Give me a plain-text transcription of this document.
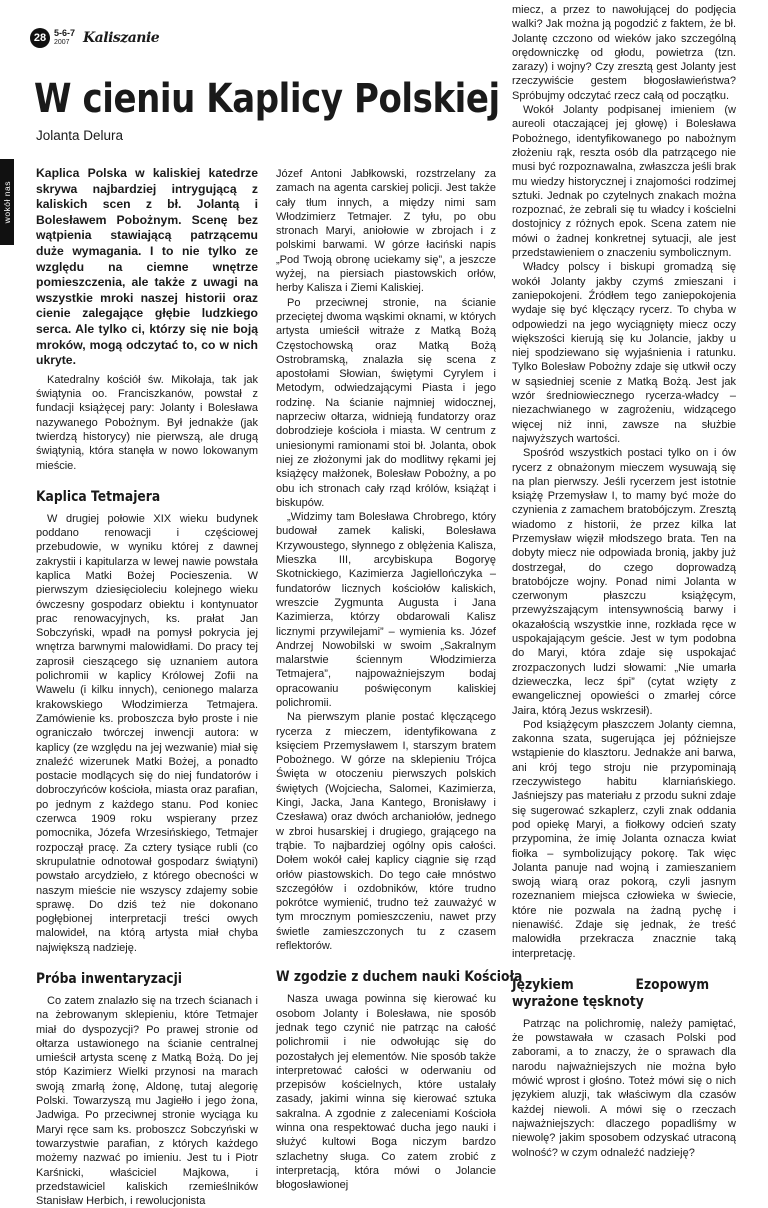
28 5-6-7
2007 Kaliszanie
wokół nas
W cieniu Kaplicy Polskiej
Jolanta Delura

Kaplica Polska w kaliskiej katedrze skrywa najbardziej intrygującą z kaliskich scen z bł. Jolantą i Bolesławem Pobożnym. Scenę bez wątpienia stawiającą patrzącemu duże wymagania. I to nie tylko ze względu na ciemne wnętrze pomieszczenia, ale także z uwagi na wszystkie mroki naszej historii oraz cienie zalegające głębie ludzkiego serca. Ale tylko ci, którzy się nie boją mroków, mogą odczytać to, co w nich ukryte.

Katedralny kościół św. Mikołaja, tak jak świątynia oo. Franciszkanów, powstał z fundacji książęcej pary: Jolanty i Bolesława nazywanego Pobożnym. Był jednakże (jak twierdzą historycy) nie pierwszą, ale drugą świątynią, która stanęła w nowo lokowanym mieście.

Kaplica Tetmajera

W drugiej połowie XIX wieku budynek poddano renowacji i częściowej przebudowie, w wyniku której z dawnej zakrystii i kapitularza w lewej nawie powstała kaplica Matki Bożej Pocieszenia. W pierwszym dziesięcioleciu kolejnego wieku ówczesny gospodarz obiektu i kontynuator prac renowacyjnych, ks. prałat Jan Sobczyński, wpadł na pomysł pokrycia jej wnętrza barwnymi malowidłami. Do pracy tej zaprosił cieszącego się uznaniem autora polichromii w kaplicy Królowej Zofii na Wawelu (i kilku innych), cenionego malarza krakowskiego Włodzimierza Tetmajera. Zamówienie ks. proboszcza było proste i nie ograniczało twórczej inwencji autora: w kaplicy (ze względu na jej wezwanie) miał się znaleźć wizerunek Matki Bożej, a ponadto postacie modlących się do niej fundatorów i dobroczyńców kościoła, miasta oraz parafian, po jednym z każdego stanu. Pod koniec czerwca 1909 roku wspierany przez pomocnika, Józefa Wrzesińskiego, Tetmajer rozpoczął pracę. Za cztery tysiące rubli (co skrupulatnie odnotował gospodarz świątyni) powstało arcydzieło, z którego obecności w naszym mieście nie wszyscy zdajemy sobie sprawę. Do dziś też nie dokonano pogłębionej interpretacji treści owych malowideł, na którą artysta miał chyba największą nadzieję.

Próba inwentaryzacji

Co zatem znalazło się na trzech ścianach i na żebrowanym sklepieniu, które Tetmajer miał do dyspozycji? Po prawej stronie od ołtarza ustawionego na ścianie centralnej umieścił artysta scenę z Matką Bożą. Do jej stóp Kazimierz Wielki przynosi na marach swoją zmarłą żonę, Aldonę, tutaj alegorię Polski. Towarzyszą mu Jagiełło i jego żona, Jadwiga. Po przeciwnej stronie wyciąga ku Maryi ręce sam ks. proboszcz Sobczyński w towarzystwie parafian, z których każdego możemy nazwać po imieniu. Jest tu i Piotr Karśnicki, właściciel Majkowa, i przedstawiciel kaliskich rzemieślników Stanisław Herbich, i rewolucjonista

Józef Antoni Jabłkowski, rozstrzelany za zamach na agenta carskiej policji. Jest także cały tłum innych, a między nimi sam Włodzimierz Tetmajer. Z tyłu, po obu stronach Maryi, aniołowie w zbrojach i z polskimi barwami. W górze łaciński napis „Pod Twoją obronę uciekamy się”, a jeszcze wyżej, na piersiach piastowskich orłów, herby Kalisza i Ziemi Kaliskiej.

Po przeciwnej stronie, na ścianie przeciętej dwoma wąskimi oknami, w których artysta umieścił witraże z Matką Bożą Częstochowską oraz Matką Bożą Ostrobramską, znalazła się scena z apostołami Słowian, świętymi Cyrylem i Metodym, odwiedzającymi Piasta i jego rodzinę. Na ścianie najmniej widocznej, naprzeciw ołtarza, widnieją fundatorzy oraz dobrodzieje kościoła i miasta. W centrum z uniesionymi ramionami stoi bł. Jolanta, obok niej ze złożonymi jak do modlitwy rękami jej książęcy małżonek, Bolesław Pobożny, a po obu ich stronach cały rząd królów, książąt i biskupów.

„Widzimy tam Bolesława Chrobrego, który budował zamek kaliski, Bolesława Krzywoustego, słynnego z oblężenia Kalisza, Mieszka III, arcybiskupa Bogoryę Skotnickiego, Kazimierza Jagiellończyka – fundatorów licznych kościołów kaliskich, wreszcie Zygmunta Augusta i Jana Kazimierza, którzy obdarowali Kalisz licznymi przywilejami” – wymienia ks. Józef Andrzej Nowobilski w swoim „Sakralnym malarstwie ściennym Włodzimierza Tetmajera”, najpoważniejszym bodaj opracowaniu poświęconym kaliskiej polichromii.

Na pierwszym planie postać klęczącego rycerza z mieczem, identyfikowana z księciem Przemysławem I, starszym bratem Pobożnego. W górze na sklepieniu Trójca Święta w otoczeniu pierwszych polskich świętych (Wojciecha, Salomei, Kazimierza, Kingi, Jacka, Jana Kantego, Bronisławy i Czesława) oraz dwóch archaniołów, jednego w zbroi husarskiej i drugiego, grającego na trąbie. To najbardziej ogólny opis całości. Dołem wokół całej kaplicy ciągnie się rząd orłów piastowskich. Do tego całe mnóstwo szczegółów i ozdobników, które trudno pokrótce wymienić, trudno też zauważyć w tym mrocznym pomieszczeniu, nawet przy świetle zamieszczonych tu z czasem reflektorów.

W zgodzie z duchem nauki Kościoła

Nasza uwaga powinna się kierować ku osobom Jolanty i Bolesława, nie sposób jednak tego czynić nie patrząc na całość polichromii i nie odwołując się do pozostałych jej elementów. Nie sposób także interpretować całości w oderwaniu od przepisów kościelnych, które ustalały zasady, jakimi winna się kierować sztuka sakralna. A zgodnie z zaleceniami Kościoła winna ona respektować ducha jego nauki i służyć kultowi Boga niczym bardzo szlachetny sługa. Co zatem zrobić z interpretacją, która mówi o Jolancie błogosławionej

miecz, a przez to nawołującej do podjęcia walki? Jak można ją pogodzić z faktem, że bł. Jolantę czczono od wieków jako szczególną orędowniczkę od głodu, powietrza (tzn. zarazy) i wojny? Czy zresztą gest Jolanty jest rzeczywiście gestem błogosławieństwa? Spróbujmy odczytać rzecz całą od początku.

Wokół Jolanty podpisanej imieniem (w aureoli otaczającej jej głowę) i Bolesława Pobożnego, identyfikowanego po nabożnym złożeniu rąk, reszta osób dla patrzącego nie musi być rozpoznawalna, zwłaszcza jeśli brak mu wiedzy historycznej i znajomości rodzimej sztuki. Jednak po czytelnych znakach można rozpoznać, że zebrali się tu władcy i kościelni dostojnicy z różnych epok. Scena zatem nie mówi o żadnej konkretnej sytuacji, ale jest przedstawieniem o znaczeniu symbolicznym.

Władcy polscy i biskupi gromadzą się wokół Jolanty jakby czymś zmieszani i zaniepokojeni. Źródłem tego zaniepokojenia wydaje się być klęczący rycerz. To chyba w odpowiedzi na jego wyciągnięty miecz oczy większości kierują się ku Jolancie, jakby u niej spodziewano się wyjaśnienia i ratunku. Tylko Bolesław Pobożny zdaje się utkwił oczy w sąsiedniej scenie z Matką Bożą. Jest jak wzór średniowiecznego rycerza-władcy – niezachwianego w zagrożeniu, widzącego więcej niż inni, zawsze na służbie najwyższych wartości.

Spośród wszystkich postaci tylko on i ów rycerz z obnażonym mieczem wysuwają się na plan pierwszy. Jeśli rycerzem jest istotnie książę Przemysław I, to mamy być może do czynienia z zamachem bratobójczym. Zresztą wiadomo z historii, że przez kilka lat Przemysław więził młodszego brata. Ten na dobyty miecz nie odpowiada bronią, jakby już dostrzegał, do czego doprowadzą bratobójcze wojny. Ponad nimi Jolanta w czerwonym płaszczu książęcym, przewyższającym intensywnością barwy i okazałością wszystkie inne, rozkłada ręce w uspokajającym geście. Jest w tym podobna do Maryi, która zdaje się uspokajać zrozpaczonych ludzi słowami: „Nie umarła dzieweczka, lecz śpi” (cytat wzięty z ewangelicznej opowieści o zmarłej córce Jaira, którą Jezus wskrzesił).

Pod książęcym płaszczem Jolanty ciemna, zakonna szata, sugerująca jej późniejsze wstąpienie do klasztoru. Jednakże ani barwa, ani krój tego stroju nie przypominają rzeczywistego habitu klarniańskiego. Jaśniejszy pas materiału z przodu sukni zdaje się sugerować szkaplerz, czyli znak oddania pod opiekę Maryi, a fiołkowy odcień szaty przypomina, że imię Jolanta oznacza kwiat fiołka – symbolizujący pokorę. Tak więc Jolanta panuje nad wojną i zamieszaniem swoją wiarą oraz pokorą, czyli jasnym rozeznaniem miejsca człowieka w świecie, które nie pozwala na żadną pychę i nienawiść. Zdaje się jednak, że treść malowidła przekracza znacznie taką interpretację.

Językiem Ezopowym wyrażone tęsknoty

Patrząc na polichromię, należy pamiętać, że powstawała w czasach Polski pod zaborami, a to znaczy, że o sprawach dla narodu najważniejszych nie można było mówić wprost i głośno. Toteż mówi się o nich językiem aluzji, tak właściwym dla czasów każdej niewoli. A mówi się o rzeczach najważniejszych: dlaczego popadliśmy w niewolę? jakim sposobem odzyskać utraconą wolność? w czym odnaleźć nadzieję?
